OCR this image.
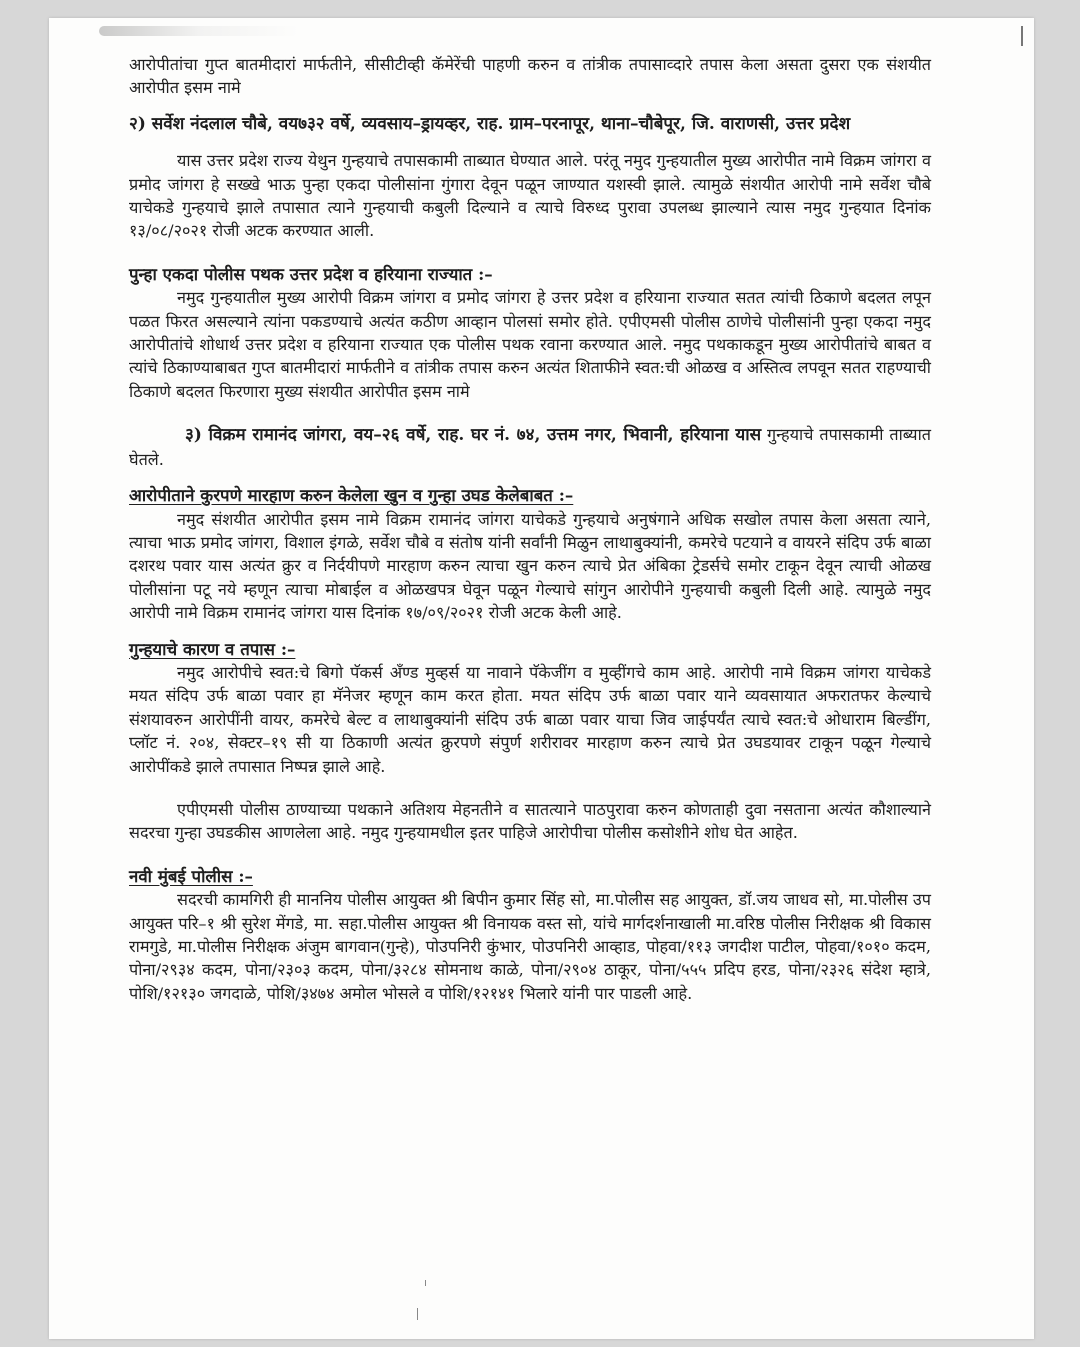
आरोपीतांचा गुप्त बातमीदारां मार्फतीने, सीसीटीव्ही कॅमेरेंची पाहणी करुन व तांत्रीक तपासाव्दारे तपास केला असता दुसरा एक संशयीत आरोपीत इसम नामे

२) सर्वेश नंदलाल चौबे, वय७३२ वर्षे, व्यवसाय–ड्रायव्हर, राह. ग्राम–परनापूर, थाना–चौबेपूर, जि. वाराणसी, उत्तर प्रदेश

यास उत्तर प्रदेश राज्य येथुन गुन्हयाचे तपासकामी ताब्यात घेण्यात आले. परंतू नमुद गुन्हयातील मुख्य आरोपीत नामे विक्रम जांगरा व प्रमोद जांगरा हे सख्खे भाऊ पुन्हा एकदा पोलीसांना गुंगारा देवून पळून जाण्यात यशस्वी झाले. त्यामुळे संशयीत आरोपी नामे सर्वेश चौबे याचेकडे गुन्हयाचे झाले तपासात त्याने गुन्हयाची कबुली दिल्याने व त्याचे विरुध्द पुरावा उपलब्ध झाल्याने त्यास नमुद गुन्हयात दिनांक १३/०८/२०२१ रोजी अटक करण्यात आली.

पुन्हा एकदा पोलीस पथक उत्तर प्रदेश व हरियाना राज्यात :–

नमुद गुन्हयातील मुख्य आरोपी विक्रम जांगरा व प्रमोद जांगरा हे उत्तर प्रदेश व हरियाना राज्यात सतत त्यांची ठिकाणे बदलत लपून पळत फिरत असल्याने त्यांना पकडण्याचे अत्यंत कठीण आव्हान पोलसां समोर होते. एपीएमसी पोलीस ठाणेचे पोलीसांनी पुन्हा एकदा नमुद आरोपीतांचे शोधार्थ उत्तर प्रदेश व हरियाना राज्यात एक पोलीस पथक रवाना करण्यात आले. नमुद पथकाकडून मुख्य आरोपीतांचे बाबत व त्यांचे ठिकाण्याबाबत गुप्त बातमीदारां मार्फतीने व तांत्रीक तपास करुन अत्यंत शिताफीने स्वत:ची ओळख व अस्तित्व लपवून सतत राहण्याची ठिकाणे बदलत फिरणारा मुख्य संशयीत आरोपीत इसम नामे

३) विक्रम रामानंद जांगरा, वय–२६ वर्षे, राह. घर नं. ७४, उत्तम नगर, भिवानी, हरियाना यास गुन्हयाचे तपासकामी ताब्यात घेतले.

आरोपीताने कुरपणे मारहाण करुन केलेला खुन व गुन्हा उघड केलेबाबत :–

नमुद संशयीत आरोपीत इसम नामे विक्रम रामानंद जांगरा याचेकडे गुन्हयाचे अनुषंगाने अधिक सखोल तपास केला असता त्याने, त्याचा भाऊ प्रमोद जांगरा, विशाल इंगळे, सर्वेश चौबे व संतोष यांनी सर्वांनी मिळुन लाथाबुक्यांनी, कमरेचे पटयाने व वायरने संदिप उर्फ बाळा दशरथ पवार यास अत्यंत क्रुर व निर्दयीपणे मारहाण करुन त्याचा खुन करुन त्याचे प्रेत अंबिका ट्रेडर्सचे समोर टाकून देवून त्याची ओळख पोलीसांना पटू नये म्हणून त्याचा मोबाईल व ओळखपत्र घेवून पळून गेल्याचे सांगुन आरोपीने गुन्हयाची कबुली दिली आहे. त्यामुळे नमुद आरोपी नामे विक्रम रामानंद जांगरा यास दिनांक १७/०९/२०२१ रोजी अटक केली आहे.

गुन्हयाचे कारण व तपास :–

नमुद आरोपीचे स्वत:चे बिगो पॅकर्स अँण्ड मुव्हर्स या नावाने पॅकेजींग व मुव्हींगचे काम आहे. आरोपी नामे विक्रम जांगरा याचेकडे मयत संदिप उर्फ बाळा पवार हा मॅनेजर म्हणून काम करत होता. मयत संदिप उर्फ बाळा पवार याने व्यवसायात अफरातफर केल्याचे संशयावरुन आरोपींनी वायर, कमरेचे बेल्ट व लाथाबुक्यांनी संदिप उर्फ बाळा पवार याचा जिव जाईपर्यंत त्याचे स्वत:चे ओधाराम बिल्डींग, प्लॉट नं. २०४, सेक्टर–१९ सी या ठिकाणी अत्यंत क्रुरपणे संपुर्ण शरीरावर मारहाण करुन त्याचे प्रेत उघडयावर टाकून पळून गेल्याचे आरोपींकडे झाले तपासात निष्पन्न झाले आहे.

एपीएमसी पोलीस ठाण्याच्या पथकाने अतिशय मेहनतीने व सातत्याने पाठपुरावा करुन कोणताही दुवा नसताना अत्यंत कौशाल्याने सदरचा गुन्हा उघडकीस आणलेला आहे. नमुद गुन्हयामधील इतर पाहिजे आरोपीचा पोलीस कसोशीने शोध घेत आहेत.

नवी मुंबई पोलीस :–

सदरची कामगिरी ही माननिय पोलीस आयुक्त श्री बिपीन कुमार सिंह सो, मा.पोलीस सह आयुक्त, डॉ.जय जाधव सो, मा.पोलीस उप आयुक्त परि–१ श्री सुरेश मेंगडे, मा. सहा.पोलीस आयुक्त श्री विनायक वस्त सो, यांचे मार्गदर्शनाखाली मा.वरिष्ठ पोलीस निरीक्षक श्री विकास रामगुडे, मा.पोलीस निरीक्षक अंजुम बागवान(गुन्हे), पोउपनिरी कुंभार, पोउपनिरी आव्हाड, पोहवा/११३ जगदीश पाटील, पोहवा/१०१० कदम, पोना/२९३४ कदम, पोना/२३०३ कदम, पोना/३२८४ सोमनाथ काळे, पोना/२९०४ ठाकूर, पोना/५५५ प्रदिप हरड, पोना/२३२६ संदेश म्हात्रे, पोशि/१२१३० जगदाळे, पोशि/३४७४ अमोल भोसले व पोशि/१२१४१ भिलारे यांनी पार पाडली आहे.
